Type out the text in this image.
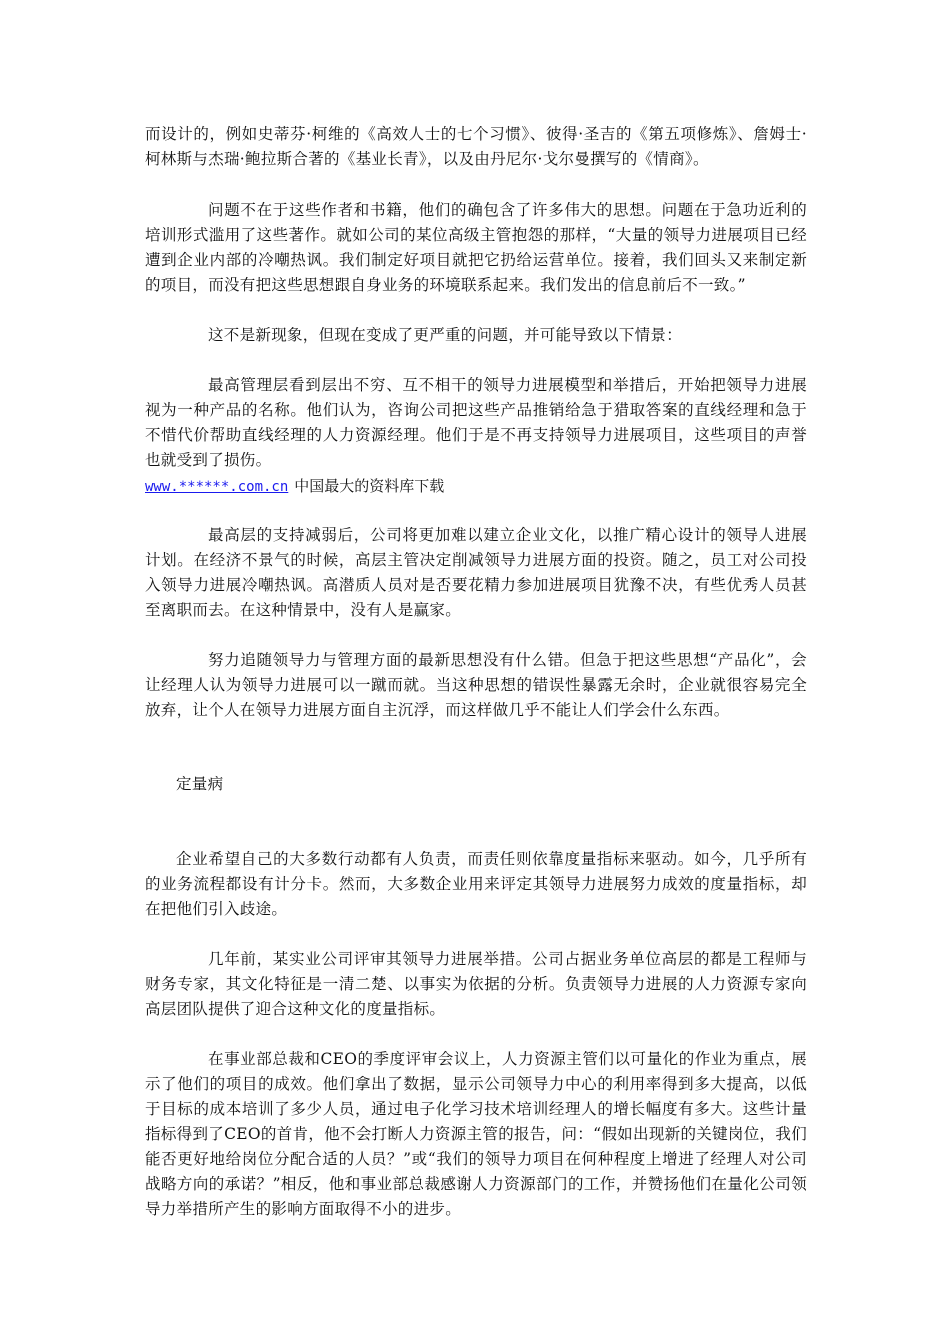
而设计的，例如史蒂芬·柯维的《高效人士的七个习惯》、彼得·圣吉的《第五项修炼》、詹姆士·柯林斯与杰瑞·鲍拉斯合著的《基业长青》，以及由丹尼尔·戈尔曼撰写的《情商》。

问题不在于这些作者和书籍，他们的确包含了许多伟大的思想。问题在于急功近利的培训形式滥用了这些著作。就如公司的某位高级主管抱怨的那样，“大量的领导力进展项目已经遭到企业内部的冷嘲热讽。我们制定好项目就把它扔给运营单位。接着，我们回头又来制定新的项目，而没有把这些思想跟自身业务的环境联系起来。我们发出的信息前后不一致。”

这不是新现象，但现在变成了更严重的问题，并可能导致以下情景：

最高管理层看到层出不穷、互不相干的领导力进展模型和举措后，开始把领导力进展视为一种产品的名称。他们认为，咨询公司把这些产品推销给急于猎取答案的直线经理和急于不惜代价帮助直线经理的人力资源经理。他们于是不再支持领导力进展项目，这些项目的声誉也就受到了损伤。

www.******.com.cn 中国最大的资料库下载

最高层的支持减弱后，公司将更加难以建立企业文化，以推广精心设计的领导人进展计划。在经济不景气的时候，高层主管决定削减领导力进展方面的投资。随之，员工对公司投入领导力进展冷嘲热讽。高潜质人员对是否要花精力参加进展项目犹豫不决，有些优秀人员甚至离职而去。在这种情景中，没有人是赢家。

努力追随领导力与管理方面的最新思想没有什么错。但急于把这些思想“产品化”，会让经理人认为领导力进展可以一蹴而就。当这种思想的错误性暴露无余时，企业就很容易完全放弃，让个人在领导力进展方面自主沉浮，而这样做几乎不能让人们学会什么东西。

定量病

企业希望自己的大多数行动都有人负责，而责任则依靠度量指标来驱动。如今，几乎所有的业务流程都设有计分卡。然而，大多数企业用来评定其领导力进展努力成效的度量指标，却在把他们引入歧途。

几年前，某实业公司评审其领导力进展举措。公司占据业务单位高层的都是工程师与财务专家，其文化特征是一清二楚、以事实为依据的分析。负责领导力进展的人力资源专家向高层团队提供了迎合这种文化的度量指标。

在事业部总裁和CEO的季度评审会议上，人力资源主管们以可量化的作业为重点，展示了他们的项目的成效。他们拿出了数据，显示公司领导力中心的利用率得到多大提高，以低于目标的成本培训了多少人员，通过电子化学习技术培训经理人的增长幅度有多大。这些计量指标得到了CEO的首肯，他不会打断人力资源主管的报告，问：“假如出现新的关键岗位，我们能否更好地给岗位分配合适的人员？”或“我们的领导力项目在何种程度上增进了经理人对公司战略方向的承诺？”相反，他和事业部总裁感谢人力资源部门的工作，并赞扬他们在量化公司领导力举措所产生的影响方面取得不小的进步。
